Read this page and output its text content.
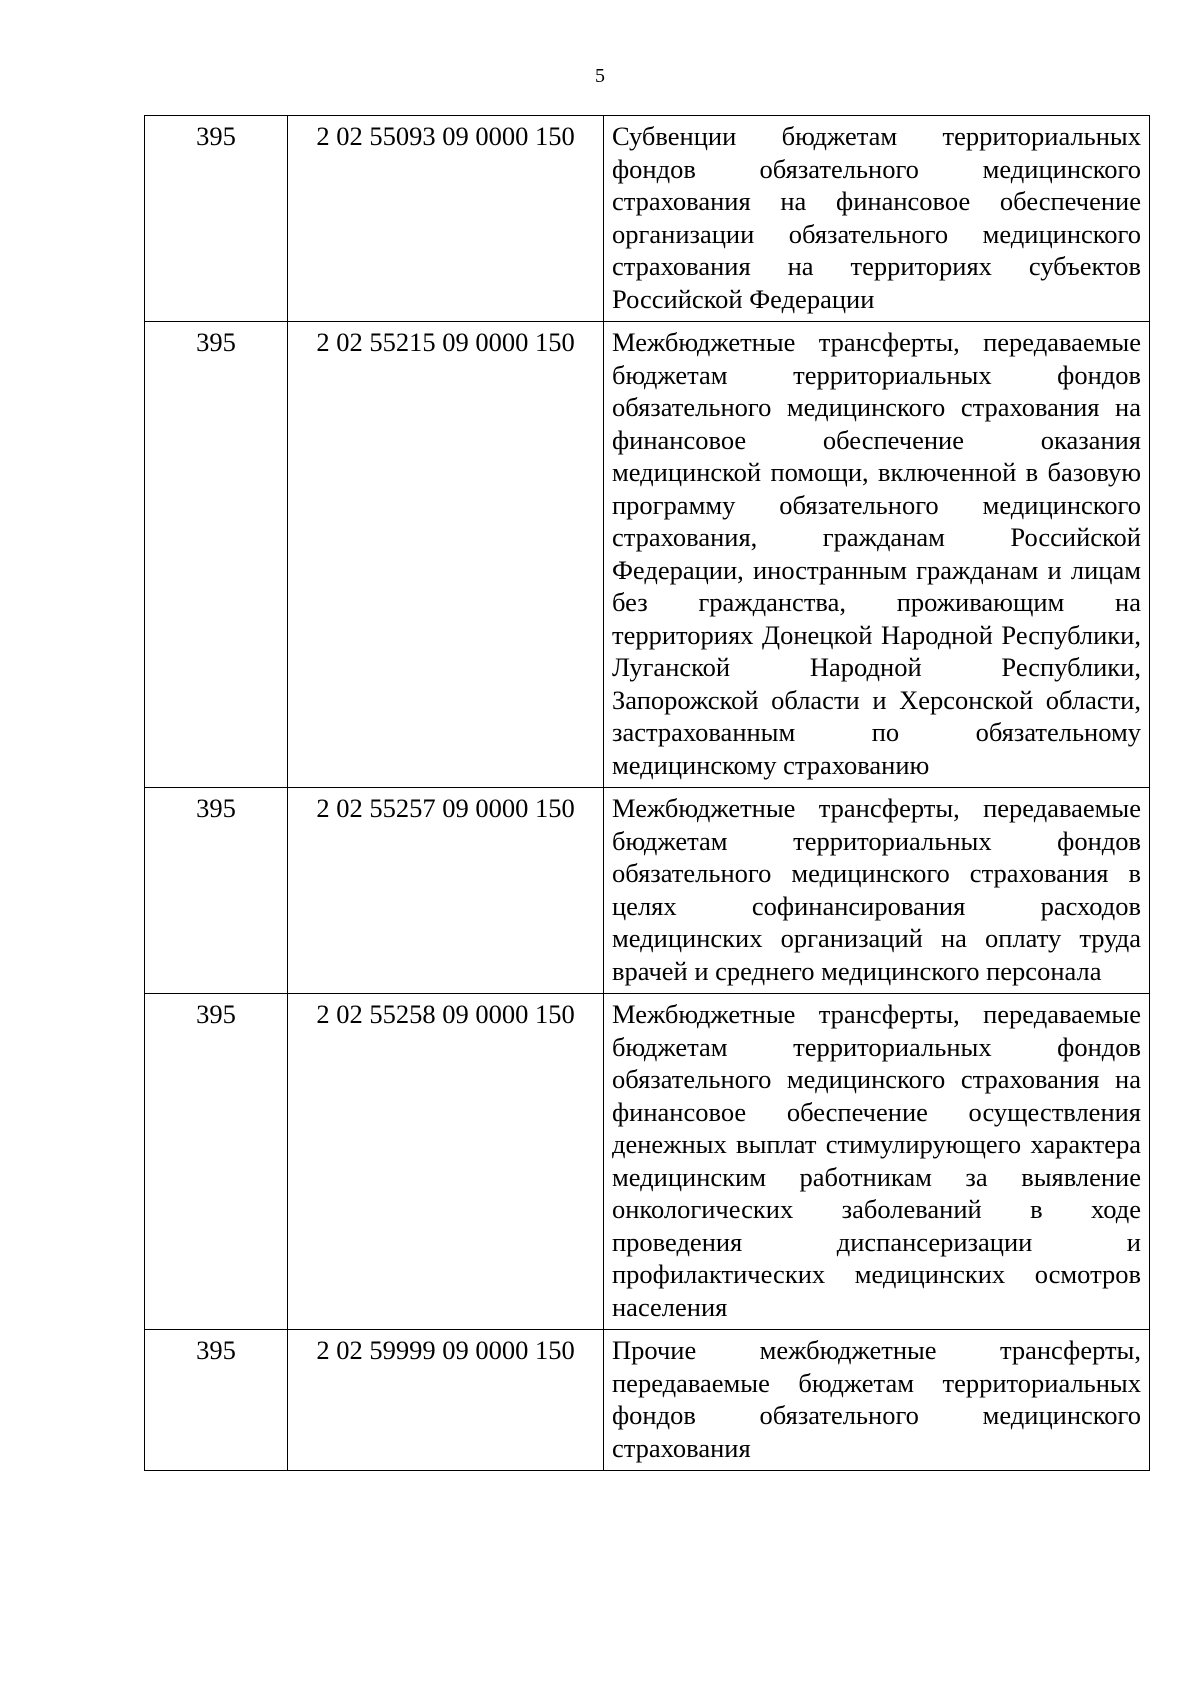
5
395	2 02 55093 09 0000 150	Субвенции бюджетам территориальных фондов обязательного медицинского страхования на финансовое обеспечение организации обязательного медицинского страхования на территориях субъектов Российской Федерации
395	2 02 55215 09 0000 150	Межбюджетные трансферты, передаваемые бюджетам территориальных фондов обязательного медицинского страхования на финансовое обеспечение оказания медицинской помощи, включенной в базовую программу обязательного медицинского страхования, гражданам Российской Федерации, иностранным гражданам и лицам без гражданства, проживающим на территориях Донецкой Народной Республики, Луганской Народной Республики, Запорожской области и Херсонской области, застрахованным по обязательному медицинскому страхованию
395	2 02 55257 09 0000 150	Межбюджетные трансферты, передаваемые бюджетам территориальных фондов обязательного медицинского страхования в целях софинансирования расходов медицинских организаций на оплату труда врачей и среднего медицинского персонала
395	2 02 55258 09 0000 150	Межбюджетные трансферты, передаваемые бюджетам территориальных фондов обязательного медицинского страхования на финансовое обеспечение осуществления денежных выплат стимулирующего характера медицинским работникам за выявление онкологических заболеваний в ходе проведения диспансеризации и профилактических медицинских осмотров населения
395	2 02 59999 09 0000 150	Прочие межбюджетные трансферты, передаваемые бюджетам территориальных фондов обязательного медицинского страхования
